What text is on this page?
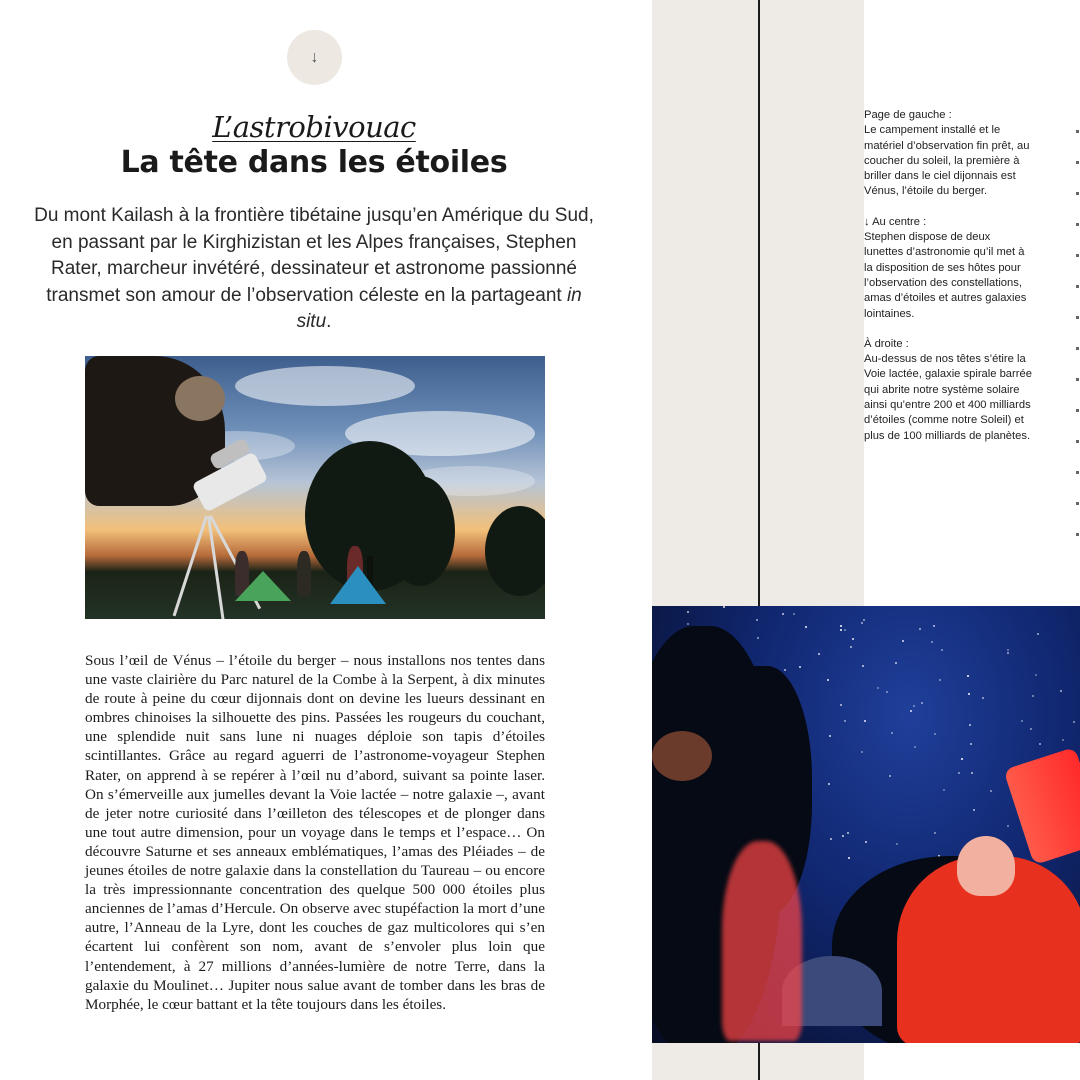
↓
L’astrobivouac
La tête dans les étoiles
Du mont Kailash à la frontière tibétaine jusqu’en Amérique du Sud, en passant par le Kirghizistan et les Alpes françaises, Stephen Rater, marcheur invétéré, dessinateur et astronome passionné transmet son amour de l’observation céleste en la partageant in situ.
Sous l’œil de Vénus – l’étoile du berger – nous installons nos tentes dans une vaste clairière du Parc naturel de la Combe à la Serpent, à dix minutes de route à peine du cœur dijonnais dont on devine les lueurs dessinant en ombres chinoises la silhouette des pins. Passées les rougeurs du couchant, une splendide nuit sans lune ni nuages déploie son tapis d’étoiles scintillantes. Grâce au regard aguerri de l’astronome-voyageur Stephen Rater, on apprend à se repérer à l’œil nu d’abord, suivant sa pointe laser. On s’émerveille aux jumelles devant la Voie lactée – notre galaxie –, avant de jeter notre curiosité dans l’œilleton des télescopes et de plonger dans une tout autre dimension, pour un voyage dans le temps et l’espace… On découvre Saturne et ses anneaux emblématiques, l’amas des Pléiades – de jeunes étoiles de notre galaxie dans la constellation du Taureau – ou encore la très impressionnante concentration des quelque 500 000 étoiles plus anciennes de l’amas d’Hercule. On observe avec stupéfaction la mort d’une autre, l’Anneau de la Lyre, dont les couches de gaz multicolores qui s’en écartent lui confèrent son nom, avant de s’envoler plus loin que l’entendement, à 27 millions d’années-lumière de notre Terre, dans la galaxie du Moulinet… Jupiter nous salue avant de tomber dans les bras de Morphée, le cœur battant et la tête toujours dans les étoiles.

Page de gauche :
Le campement installé et le matériel d’observation fin prêt, au coucher du soleil, la première à briller dans le ciel dijonnais est Vénus, l’étoile du berger.

↓ Au centre :
Stephen dispose de deux lunettes d’astronomie qu’il met à la disposition de ses hôtes pour l’observation des constellations, amas d’étoiles et autres galaxies lointaines.

À droite :
Au-dessus de nos têtes s’étire la Voie lactée, galaxie spirale barrée qui abrite notre système solaire ainsi qu’entre 200 et 400 milliards d’étoiles (comme notre Soleil) et plus de 100 milliards de planètes.
